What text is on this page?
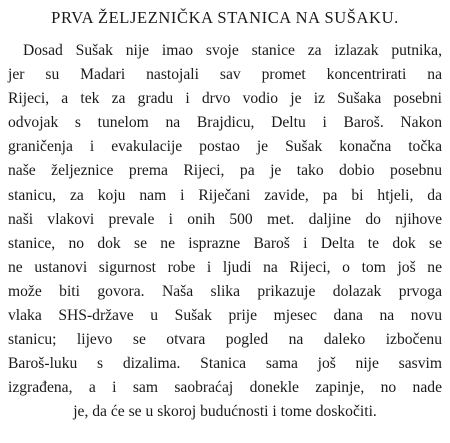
PRVA ŽELJEZNIČKA STANICA NA SUŠAKU.
Dosad Sušak nije imao svoje stanice za izlazak putnika,
jer su Madari nastojali sav promet koncentrirati na
Rijeci, a tek za gradu i drvo vodio je iz Sušaka posebni
odvojak s tunelom na Brajdicu, Deltu i Baroš. Nakon
graničenja i evakulacije postao je Sušak konačna točka
naše željeznice prema Rijeci, pa je tako dobio posebnu
stanicu, za koju nam i Riječani zavide, pa bi htjeli, da
naši vlakovi prevale i onih 500 met. daljine do njihove
stanice, no dok se ne isprazne Baroš i Delta te dok se
ne ustanovi sigurnost robe i ljudi na Rijeci, o tom još ne
može biti govora. Naša slika prikazuje dolazak prvoga
vlaka SHS-države u Sušak prije mjesec dana na novu
stanicu; lijevo se otvara pogled na daleko izbočenu
Baroš-luku s dizalima. Stanica sama još nije sasvim
izgrađena, a i sam saobraćaj donekle zapinje, no nade
je, da će se u skoroj budućnosti i tome doskočiti.
